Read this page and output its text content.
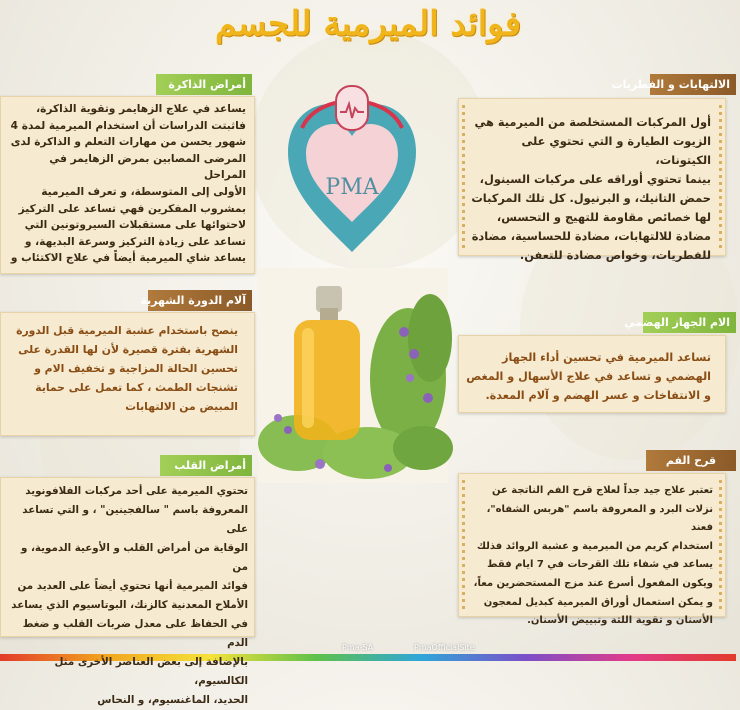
فوائد الميرمية للجسم
أمراض الذاكرة
يساعد في علاج الزهايمر وتقوية الذاكرة،
فاثبتت الدراسات أن استخدام الميرمية لمدة 4
شهور يحسن من مهارات التعلم و الذاكرة لدى
المرضى المصابين بمرض الزهايمر في المراحل
الأولى إلى المتوسطة، و تعرف الميرمية
بمشروب المفكرين فهي تساعد على التركيز
لاحتوائها على مستقبلات السيروتونين التي
تساعد على زيادة التركيز وسرعة البديهة، و
يساعد شاي الميرمية أيضاً في علاج الاكتئاب و
الالتهابات و الفطريات
أول المركبات المستخلصة من الميرمية هي
الزيوت الطيارة و التي تحتوي على الكيتونات،
بينما تحتوي أوراقه على مركبات السينول،
حمض التانيك، و البرنيول. كل تلك المركبات
لها خصائص مقاومة للتهيج و التحسس،
مضادة للالتهابات، مضادة للحساسية، مضادة
للفطريات، وخواص مضادة للتعفن.
PMA
آلام الدورة الشهرية
ينصح باستخدام عشبة الميرمية قبل الدورة
الشهرية بفترة قصيرة لأن لها القدرة على
تحسين الحالة المزاجية و تخفيف الام و
تشنجات الطمث ، كما تعمل على حماية
المبيض من الالتهابات
الام الجهاز الهضمي
تساعد الميرمية في تحسين أداء الجهاز
الهضمي و تساعد في علاج الأسهال و المغص
و الانتفاخات و عسر الهضم و آلام المعدة.
أمراض القلب
تحتوي الميرمية على أحد مركبات الفلافونويد
المعروفة باسم " سالفجينين" ، و التي تساعد على
الوقاية من أمراض القلب و الأوعية الدموية، و من
فوائد الميرمية أنها تحتوي أيضاً على العديد من
الأملاح المعدنية كالزنك، البوتاسيوم الذي يساعد
في الحفاظ على معدل ضربات القلب و ضغط الدم
بالإضافة إلى بعض العناصر الأخرى مثل الكالسيوم،
الحديد، الماغنسيوم، و النحاس
قرح الفم
تعتبر علاج جيد جداً لعلاج قرح الفم الناتجة عن
نزلات البرد و المعروفة باسم "هربس الشفاه"، فعند
استخدام كريم من الميرمية و عشبة الروائد فذلك
يساعد في شفاء تلك القرحات في 7 ايام فقط
ويكون المفعول أسرع عند مزج المستحضرين معاً،
و يمكن استعمال أوراق الميرمية كبديل لمعجون
الأسنان و تقوية اللثة وتبييض الأسنان.
Pma-SA	PmaOfficialSite
